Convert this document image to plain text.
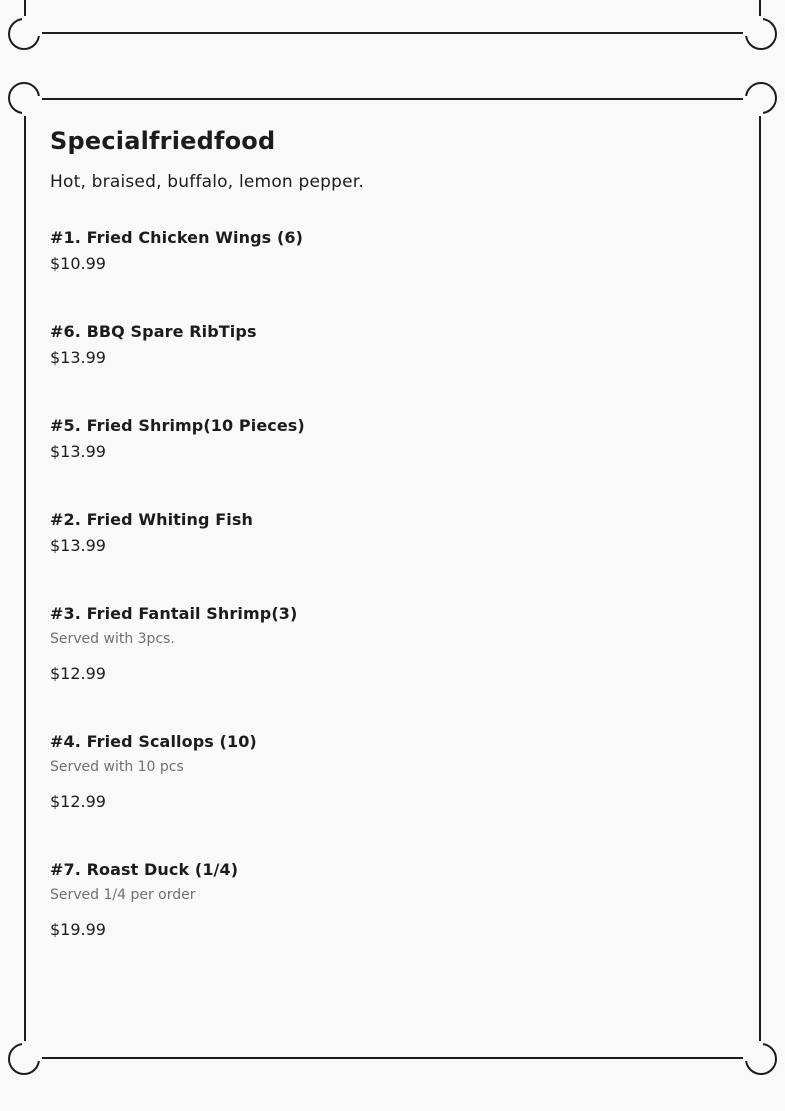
Specialfriedfood

Hot, braised, buffalo, lemon pepper.

#1. Fried Chicken Wings (6)
$10.99
#6. BBQ Spare RibTips
$13.99
#5. Fried Shrimp(10 Pieces)
$13.99
#2. Fried Whiting Fish
$13.99
#3. Fried Fantail Shrimp(3)
Served with 3pcs.
$12.99
#4. Fried Scallops (10)
Served with 10 pcs
$12.99
#7. Roast Duck (1/4)
Served 1/4 per order
$19.99
